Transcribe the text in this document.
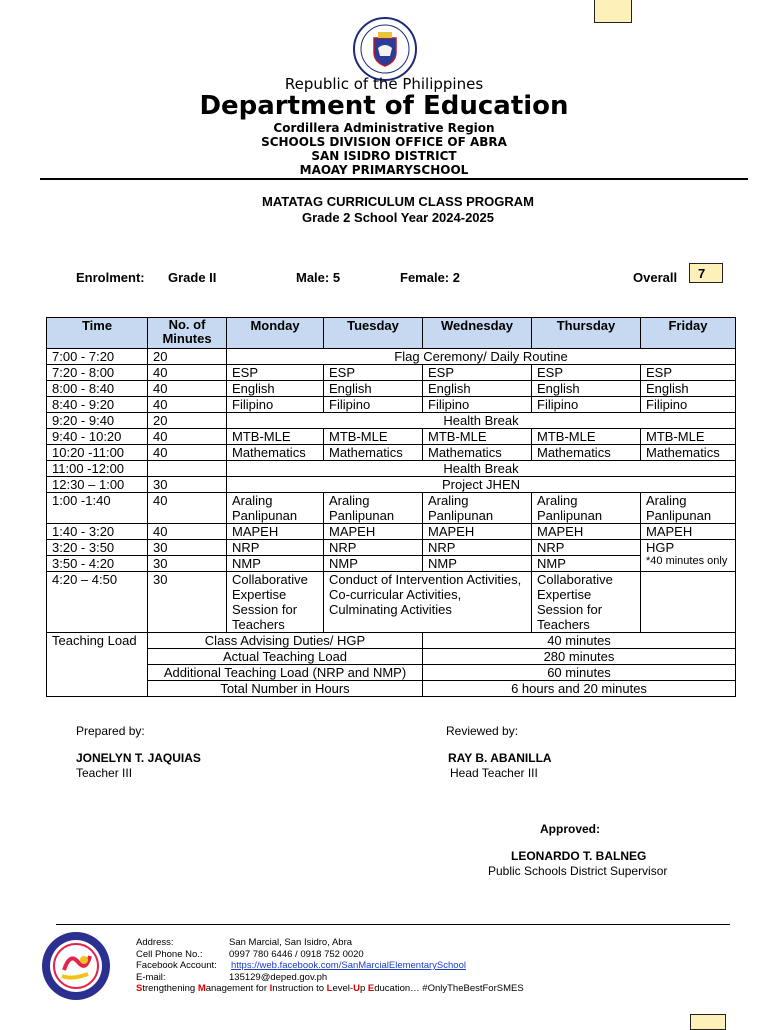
Republic of the Philippines
Department of Education
Cordillera Administrative Region
SCHOOLS DIVISION OFFICE OF ABRA
SAN ISIDRO DISTRICT
MAOAY PRIMARYSCHOOL
MATATAG CURRICULUM CLASS PROGRAM
Grade 2 School Year 2024-2025
Enrolment: Grade II	Male: 5	Female: 2	Overall	7
Time	No. of Minutes	Monday	Tuesday	Wednesday	Thursday	Friday
7:00 - 7:20	20	Flag Ceremony/ Daily Routine				
7:20 - 8:00	40	ESP	ESP	ESP	ESP	ESP
8:00 - 8:40	40	English	English	English	English	English
8:40 - 9:20	40	Filipino	Filipino	Filipino	Filipino	Filipino
9:20 - 9:40	20	Health Break				
9:40 - 10:20	40	MTB-MLE	MTB-MLE	MTB-MLE	MTB-MLE	MTB-MLE
10:20 -11:00	40	Mathematics	Mathematics	Mathematics	Mathematics	Mathematics
11:00 -12:00		Health Break				
12:30 – 1:00	30	Project JHEN				
1:00 -1:40	40	Araling Panlipunan	Araling Panlipunan	Araling Panlipunan	Araling Panlipunan	Araling Panlipunan
1:40 - 3:20	40	MAPEH	MAPEH	MAPEH	MAPEH	MAPEH
3:20 - 3:50	30	NRP	NRP	NRP	NRP	HGP
*40 minutes only

3:50 - 4:20	30	NMP	NMP	NMP	NMP	
4:20 – 4:50	30	Collaborative Expertise Session for Teachers	Conduct of Intervention Activities, Co-curricular Activities, Culminating Activities		Collaborative Expertise Session for Teachers	
Teaching Load	Class Advising Duties/ HGP			40 minutes		
	Actual Teaching Load			280 minutes		
	Additional Teaching Load (NRP and NMP)			60 minutes		
	Total Number in Hours			6 hours and 20 minutes		
Prepared by:
JONELYN T. JAQUIAS
Teacher III
Reviewed by:
RAY B. ABANILLA
Head Teacher III
Approved:
LEONARDO T. BALNEG
Public Schools District Supervisor
Address:	San Marcial, San Isidro, Abra
Cell Phone No.:	0997 780 6446 / 0918 752 0020
Facebook Account: https://web.facebook.com/SanMarcialElementarySchool
E-mail:	135129@deped.gov.ph
Strengthening Management for Instruction to Level-Up Education… #OnlyTheBestForSMES
